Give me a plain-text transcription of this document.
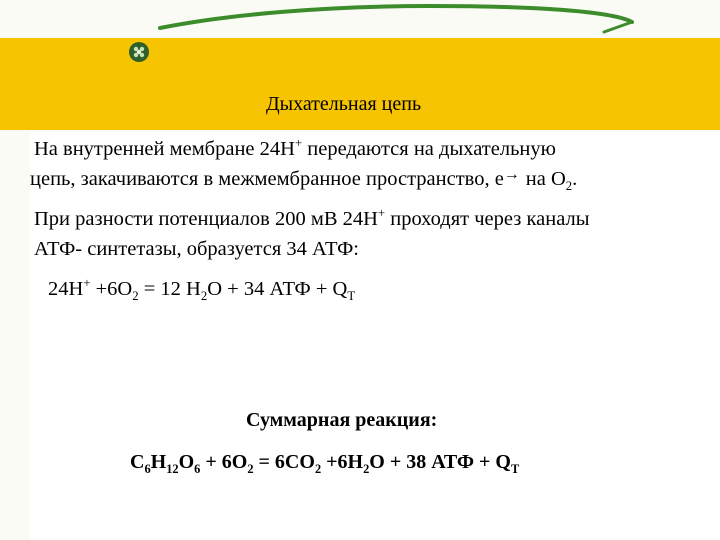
Дыхательная цепь
На внутренней мембране 24Н+ передаются на дыхательную
цепь, закачиваются в межмембранное пространство, е→ на $О_2$.
При разности потенциалов 200 мВ 24Н+ проходят через каналы
АТФ- синтетазы, образуется 34 АТФ:
$24Н^+ +6О_2 = 12$ $Н_2О + 34$ АТФ + $Q_Т$
Суммарная реакция:
$С_6Н_{12}О_6 + 6О_2 = 6СО_2 +6Н_2О + 38$ АТФ + $Q_Т$
